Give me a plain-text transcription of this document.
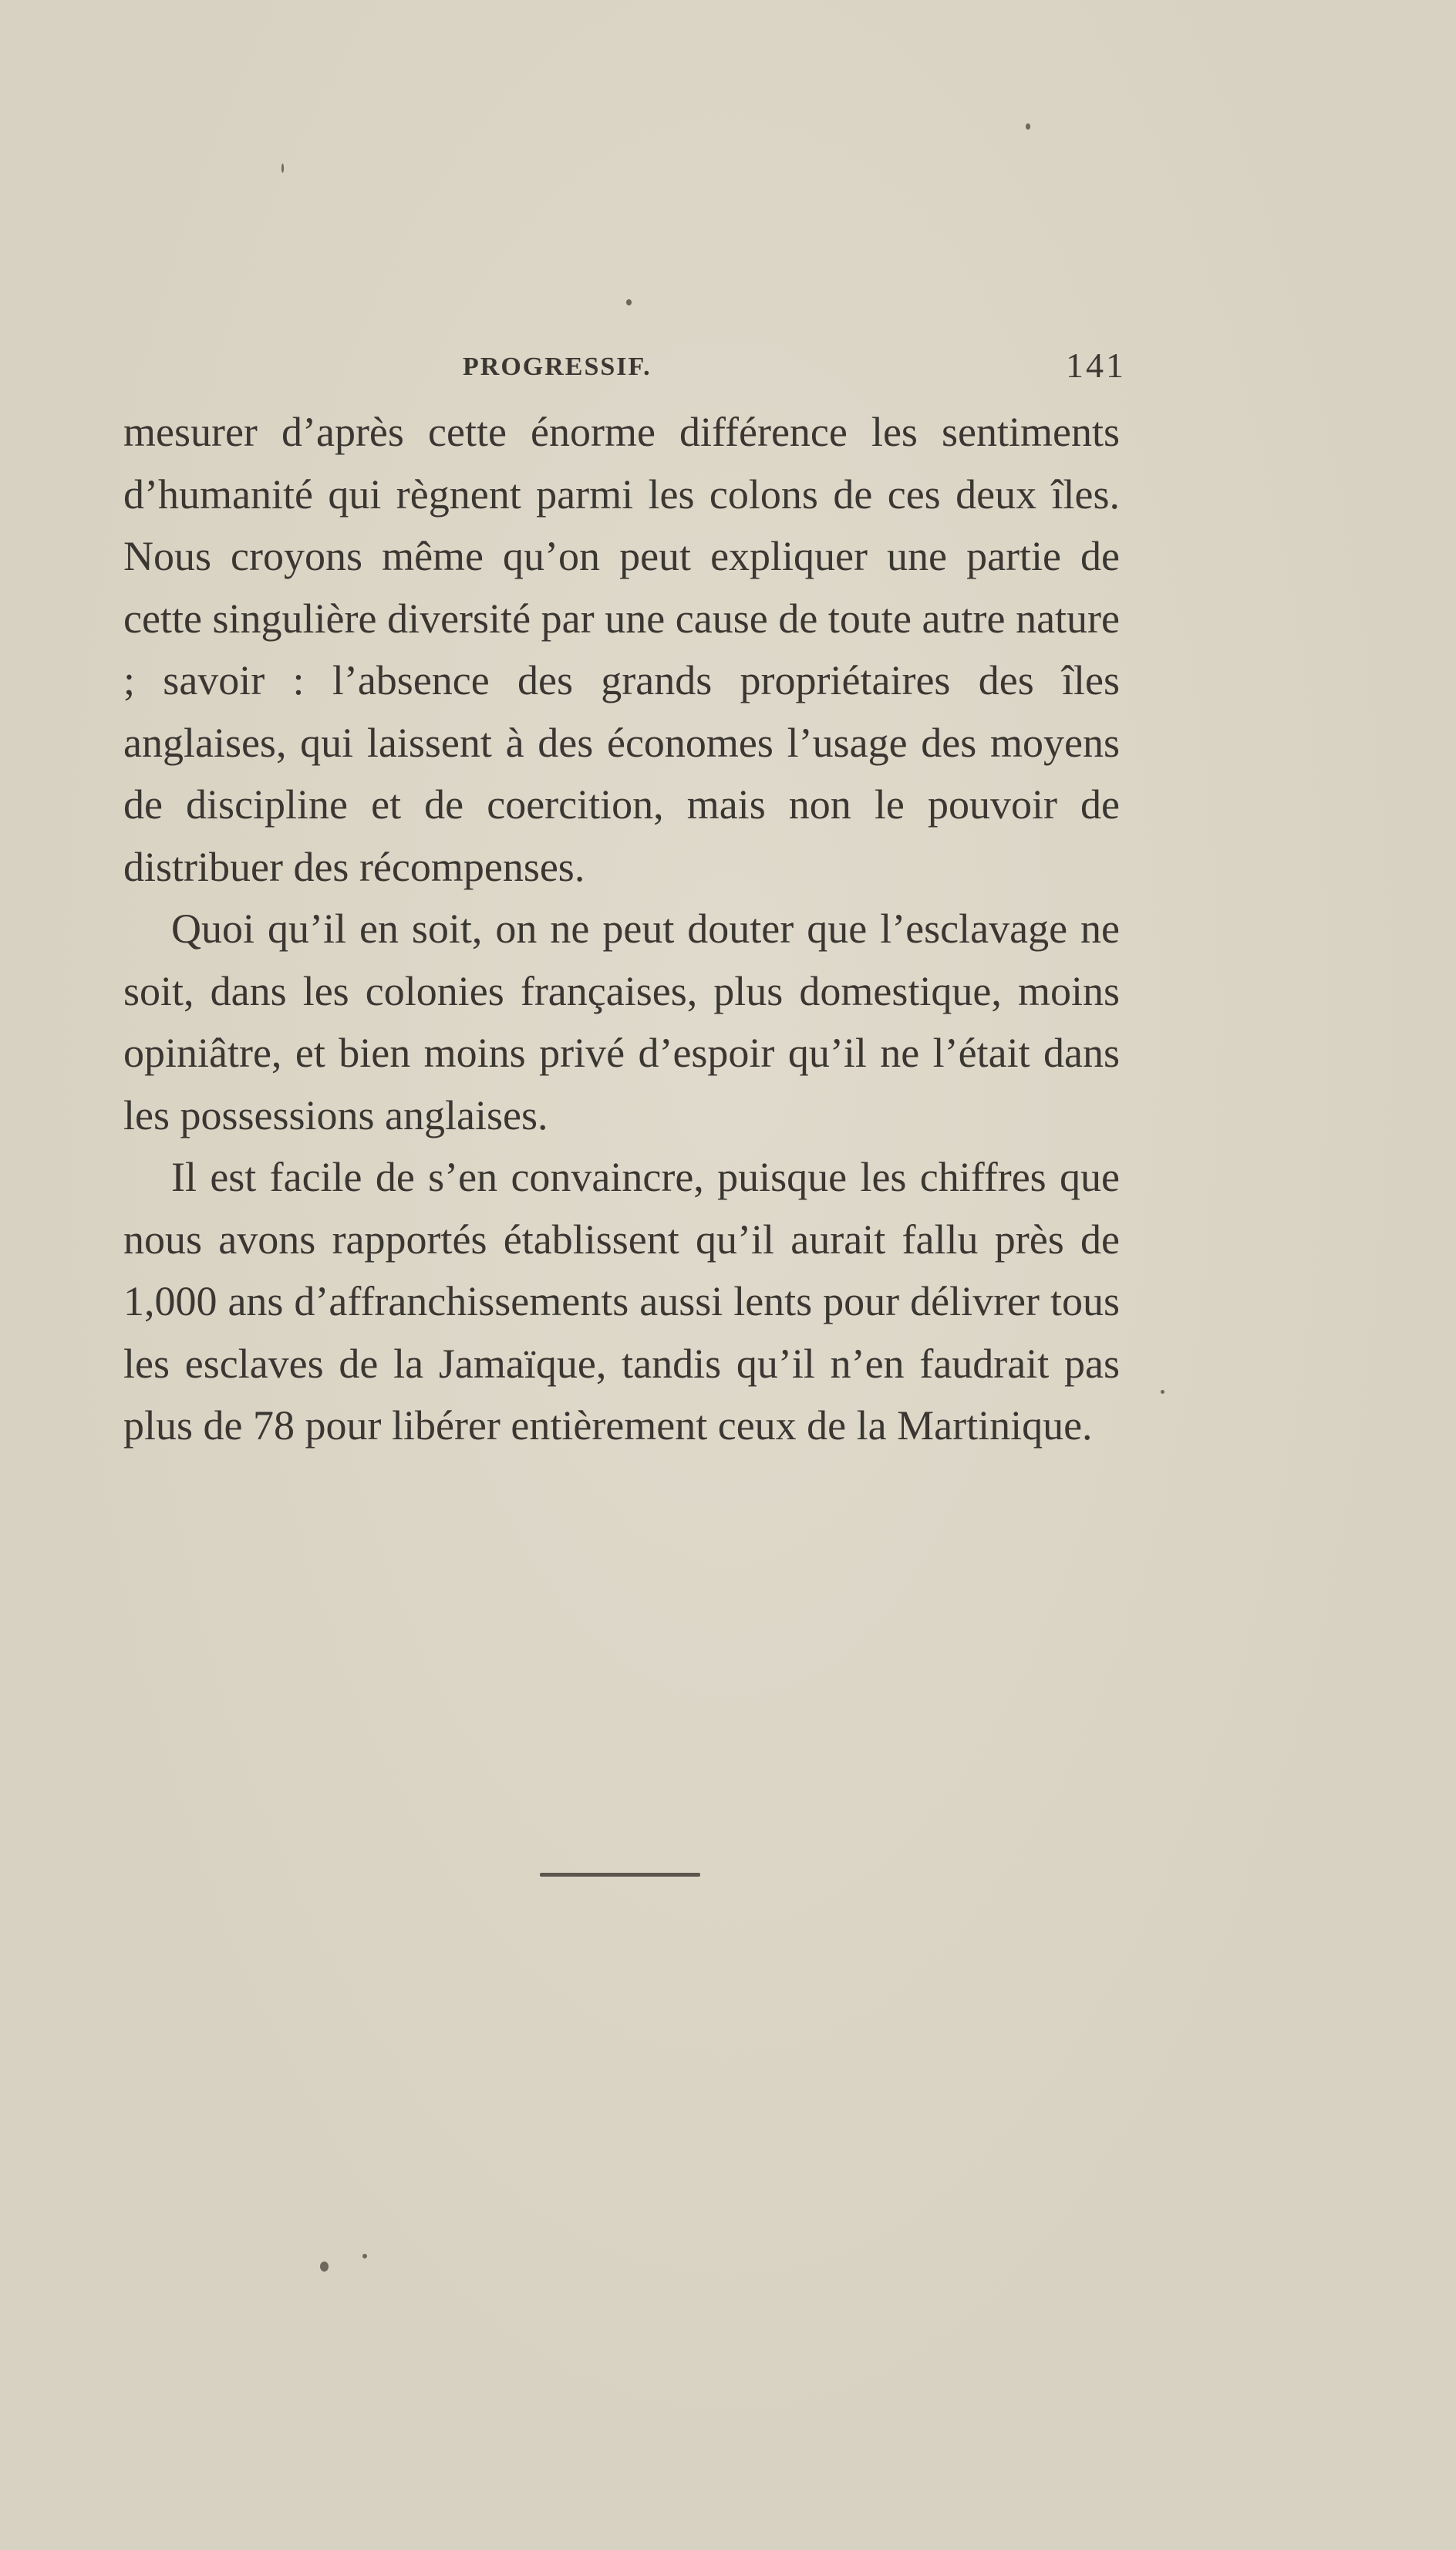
PROGRESSIF.	141

mesurer d’après cette énorme différence les sentiments d’humanité qui règnent parmi les colons de ces deux îles. Nous croyons même qu’on peut expliquer une partie de cette singulière diversité par une cause de toute autre nature ; savoir : l’absence des grands propriétaires des îles anglaises, qui laissent à des économes l’usage des moyens de discipline et de coercition, mais non le pouvoir de distribuer des récompenses.

Quoi qu’il en soit, on ne peut douter que l’esclavage ne soit, dans les colonies françaises, plus domestique, moins opiniâtre, et bien moins privé d’espoir qu’il ne l’était dans les possessions anglaises.

Il est facile de s’en convaincre, puisque les chiffres que nous avons rapportés établissent qu’il aurait fallu près de 1,000 ans d’affranchissements aussi lents pour délivrer tous les esclaves de la Jamaïque, tandis qu’il n’en faudrait pas plus de 78 pour libérer entièrement ceux de la Martinique.
